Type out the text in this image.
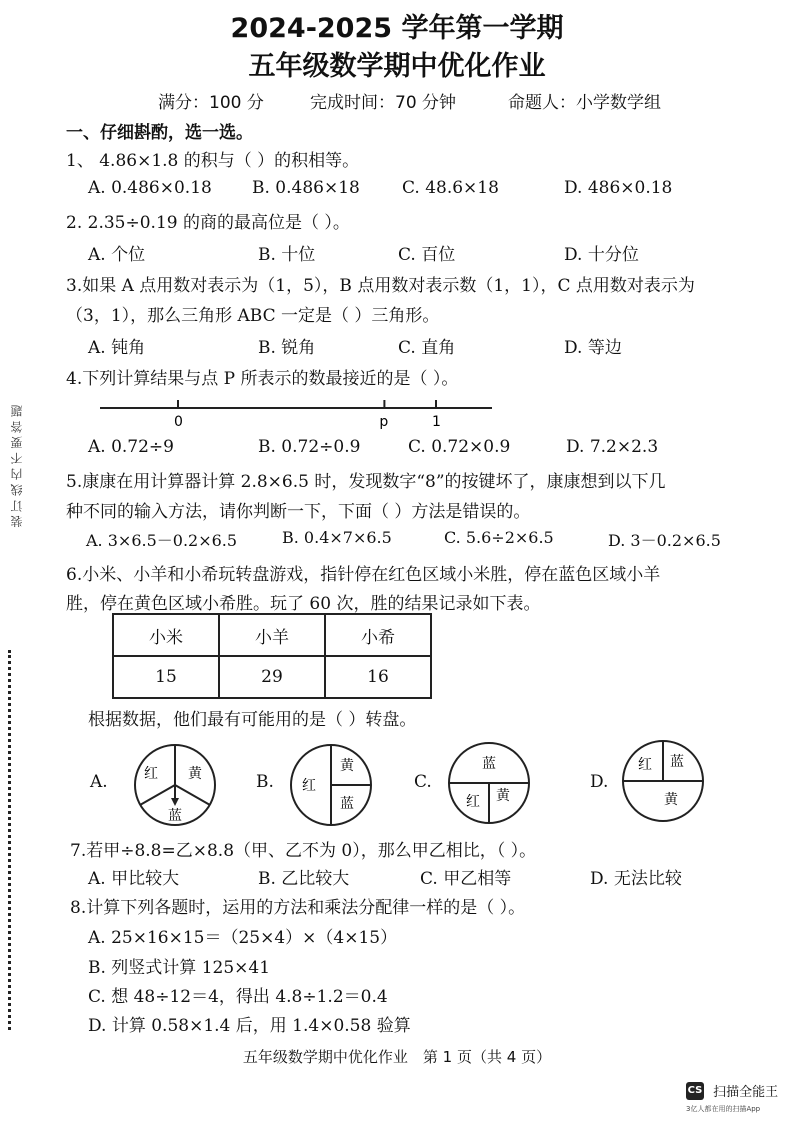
2024-2025 学年第一学期
五年级数学期中优化作业
满分：100 分	完成时间：70 分钟	命题人：小学数学组
装 订 线 内 不 要 答 题
一、仔细斟酌，选一选。
1、 4.86×1.8 的积与（ ）的积相等。
A. 0.486×0.18 B. 0.486×18 C. 48.6×18	D. 486×0.18
2. 2.35÷0.19 的商的最高位是（ ）。
A. 个位	B. 十位	C. 百位	D. 十分位
3.如果 A 点用数对表示为（1，5），B 点用数对表示数（1，1），C 点用数对表示为
（3，1），那么三角形 ABC 一定是（ ）三角形。
A. 钝角	B. 锐角	C. 直角	D. 等边
4.下列计算结果与点 P 所表示的数最接近的是（ ）。
0	p	1
A. 0.72÷9	B. 0.72÷0.9	C. 0.72×0.9	D. 7.2×2.3
5.康康在用计算器计算 2.8×6.5 时，发现数字“8”的按键坏了，康康想到以下几
种不同的输入方法，请你判断一下，下面（ ）方法是错误的。
A. 3×6.5－0.2×6.5	B. 0.4×7×6.5	C. 5.6÷2×6.5	D. 3－0.2×6.5
6.小米、小羊和小希玩转盘游戏，指针停在红色区域小米胜，停在蓝色区域小羊
胜，停在黄色区域小希胜。玩了 60 次，胜的结果记录如下表。
小米	小羊	小希
15	29	16
根据数据，他们最有可能用的是（ ）转盘。
A.	红 黄
蓝
B. 红
黄
蓝
C.
蓝
红 黄
D.
红 蓝
黄
7.若甲÷8.8=乙×8.8（甲、乙不为 0），那么甲乙相比，（ ）。
A. 甲比较大	B. 乙比较大	C. 甲乙相等	D. 无法比较
8.计算下列各题时，运用的方法和乘法分配律一样的是（ ）。
A. 25×16×15＝（25×4）×（4×15）
B. 列竖式计算 125×41
C. 想 48÷12＝4，得出 4.8÷1.2＝0.4
D. 计算 0.58×1.4 后，用 1.4×0.58 验算
五年级数学期中优化作业　第 1 页（共 4 页）
CS 扫描全能王
3亿人都在用的扫描App
